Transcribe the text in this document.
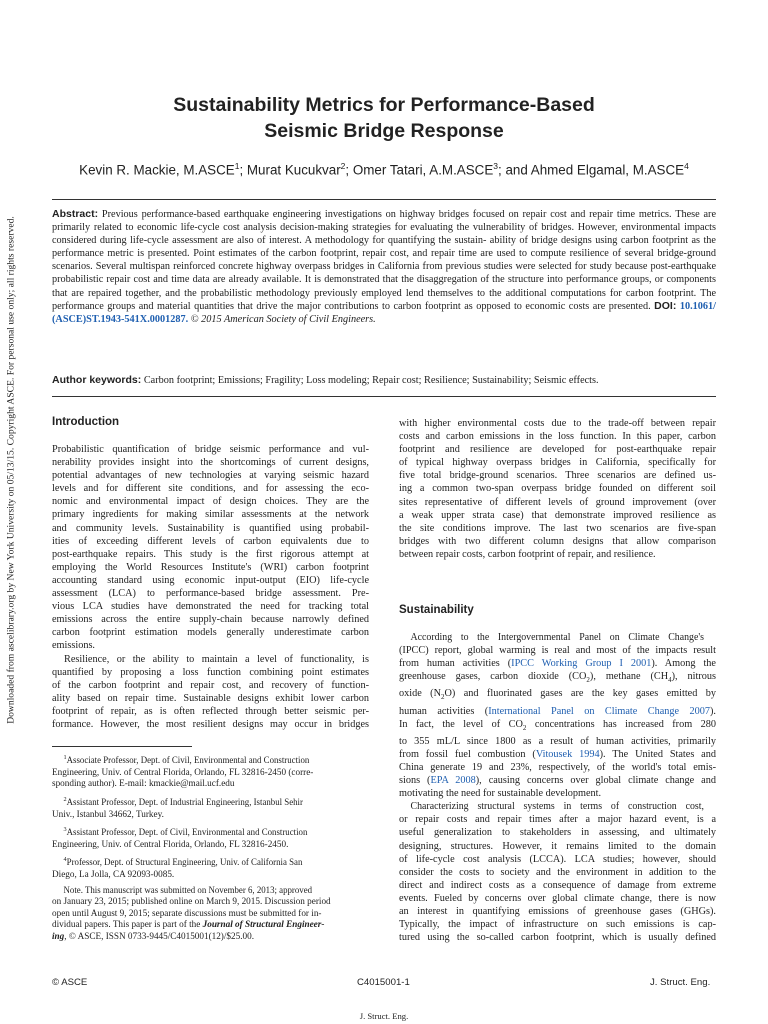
Downloaded from ascelibrary.org by New York University on 05/13/15. Copyright ASCE. For personal use only; all rights reserved.
Sustainability Metrics for Performance-Based
Seismic Bridge Response
Kevin R. Mackie, M.ASCE$^1$; Murat Kucukvar$^2$; Omer Tatari, A.M.ASCE$^3$; and Ahmed Elgamal, M.ASCE$^4$
Abstract: Previous performance-based earthquake engineering investigations on highway bridges focused on repair cost and repair time metrics. These are primarily related to economic life-cycle cost analysis decision-making strategies for evaluating the vulnerability of bridges. However, environmental impacts considered during life-cycle assessment are also of interest. A methodology for quantifying the sustain- ability of bridge designs using carbon footprint as the performance metric is presented. Point estimates of the carbon footprint, repair cost, and repair time are used to compute resilience of several bridge-ground scenarios. Several multispan reinforced concrete highway overpass bridges in California from previous studies were selected for study because post-earthquake probabilistic repair cost and time data are already available. It is demonstrated that the disaggregation of the structure into performance groups, or components that are repaired together, and the probabilistic methodology previously employed lend themselves to the additional computations for carbon footprint. The performance groups and material quantities that drive the major contributions to carbon footprint as opposed to economic costs are presented. DOI: 10.1061/ (ASCE)ST.1943-541X.0001287. © 2015 American Society of Civil Engineers.
Author keywords: Carbon footprint; Emissions; Fragility; Loss modeling; Repair cost; Resilience; Sustainability; Seismic effects.
Introduction

Probabilistic quantification of bridge seismic performance and vul-
nerability provides insight into the shortcomings of current designs,
potential advantages of new technologies at varying seismic hazard
levels and for different site conditions, and for assessing the eco-
nomic and environmental impact of design choices. They are the
primary ingredients for making similar assessments at the network
and community levels. Sustainability is quantified using probabil-
ities of exceeding different levels of carbon equivalents due to
post-earthquake repairs. This study is the first rigorous attempt at
employing the World Resources Institute's (WRI) carbon footprint
accounting standard using economic input-output (EIO) life-cycle
assessment (LCA) to performance-based bridge assessment. Pre-
vious LCA studies have demonstrated the need for tracking total
emissions across the entire supply-chain because narrowly defined
carbon footprint estimation models generally underestimate carbon
emissions.

Resilience, or the ability to maintain a level of functionality, is

quantified by proposing a loss function combining point estimates
of the carbon footprint and repair cost, and recovery of function-
ality based on repair time. Sustainable designs exhibit lower carbon
footprint of repair, as is often reflected through better seismic per-
formance. However, the most resilient designs may occur in bridges

$^1$Associate Professor, Dept. of Civil, Environmental and Construction
Engineering, Univ. of Central Florida, Orlando, FL 32816-2450 (corre-
sponding author). E-mail: kmackie@mail.ucf.edu

$^2$Assistant Professor, Dept. of Industrial Engineering, Istanbul Sehir
Univ., Istanbul 34662, Turkey.

$^3$Assistant Professor, Dept. of Civil, Environmental and Construction
Engineering, Univ. of Central Florida, Orlando, FL 32816-2450.

$^4$Professor, Dept. of Structural Engineering, Univ. of California San
Diego, La Jolla, CA 92093-0085.

Note. This manuscript was submitted on November 6, 2013; approved
on January 23, 2015; published online on March 9, 2015. Discussion period
open until August 9, 2015; separate discussions must be submitted for in-
dividual papers. This paper is part of the Journal of Structural Engineer-
ing, © ASCE, ISSN 0733-9445/C4015001(12)/$25.00.

with higher environmental costs due to the trade-off between repair
costs and carbon emissions in the loss function. In this paper, carbon
footprint and resilience are developed for post-earthquake repair
of typical highway overpass bridges in California, specifically for
five total bridge-ground scenarios. Three scenarios are defined us-
ing a common two-span overpass bridge founded on different soil
sites representative of different levels of ground improvement (over
a weak upper strata case) that demonstrate improved resilience as
the site conditions improve. The last two scenarios are five-span
bridges with two different column designs that allow comparison
between repair costs, carbon footprint of repair, and resilience.

Sustainability

According to the Intergovernmental Panel on Climate Change's
(IPCC) report, global warming is real and most of the impacts result
from human activities (IPCC Working Group I 2001). Among the
greenhouse gases, carbon dioxide $(CO_2)$, methane $(CH_4)$, nitrous
oxide $(N_2O)$ and fluorinated gases are the key gases emitted by
human activities (International Panel on Climate Change 2007).
In fact, the level of $CO_2$ concentrations has increased from 280
to 355 mL/L since 1800 as a result of human activities, primarily
from fossil fuel combustion (Vitousek 1994). The United States and
China generate 19 and 23%, respectively, of the world's total emis-
sions (EPA 2008), causing concerns over global climate change and
motivating the need for sustainable development.

Characterizing structural systems in terms of construction cost,
or repair costs and repair times after a major hazard event, is a
useful generalization to stakeholders in assessing, and ultimately
designing, structures. However, it remains limited to the domain
of life-cycle cost analysis (LCCA). LCA studies; however, should
consider the costs to society and the environment in addition to the
direct and indirect costs as a consequence of damage from extreme
events. Fueled by concerns over global climate change, there is now
an interest in quantifying emissions of greenhouse gases (GHGs).
Typically, the impact of infrastructure on such emissions is cap-
tured using the so-called carbon footprint, which is usually defined

© ASCE	C4015001-1	J. Struct. Eng.
J. Struct. Eng.
